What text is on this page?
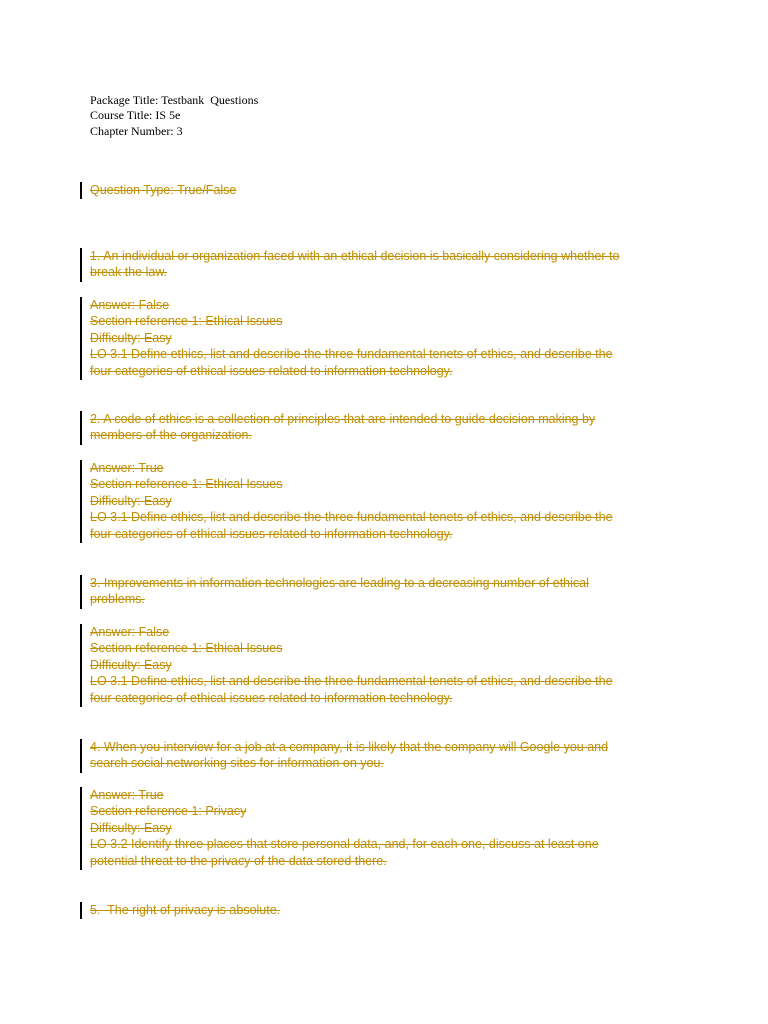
Package Title: Testbank  Questions
Course Title: IS 5e
Chapter Number: 3
Question Type: True/False
1. An individual or organization faced with an ethical decision is basically considering whether to
break the law.
Answer: False
Section reference 1: Ethical Issues
Difficulty: Easy
LO 3.1 Define ethics, list and describe the three fundamental tenets of ethics, and describe the
four categories of ethical issues related to information technology.
2. A code of ethics is a collection of principles that are intended to guide decision making by
members of the organization.
Answer: True
Section reference 1: Ethical Issues
Difficulty: Easy
LO 3.1 Define ethics, list and describe the three fundamental tenets of ethics, and describe the
four categories of ethical issues related to information technology.
3. Improvements in information technologies are leading to a decreasing number of ethical
problems.
Answer: False
Section reference 1: Ethical Issues
Difficulty: Easy
LO 3.1 Define ethics, list and describe the three fundamental tenets of ethics, and describe the
four categories of ethical issues related to information technology.
4. When you interview for a job at a company, it is likely that the company will Google you and
search social networking sites for information on you.
Answer: True
Section reference 1: Privacy
Difficulty: Easy
LO 3.2 Identify three places that store personal data, and, for each one, discuss at least one
potential threat to the privacy of the data stored there.
5.  The right of privacy is absolute.
